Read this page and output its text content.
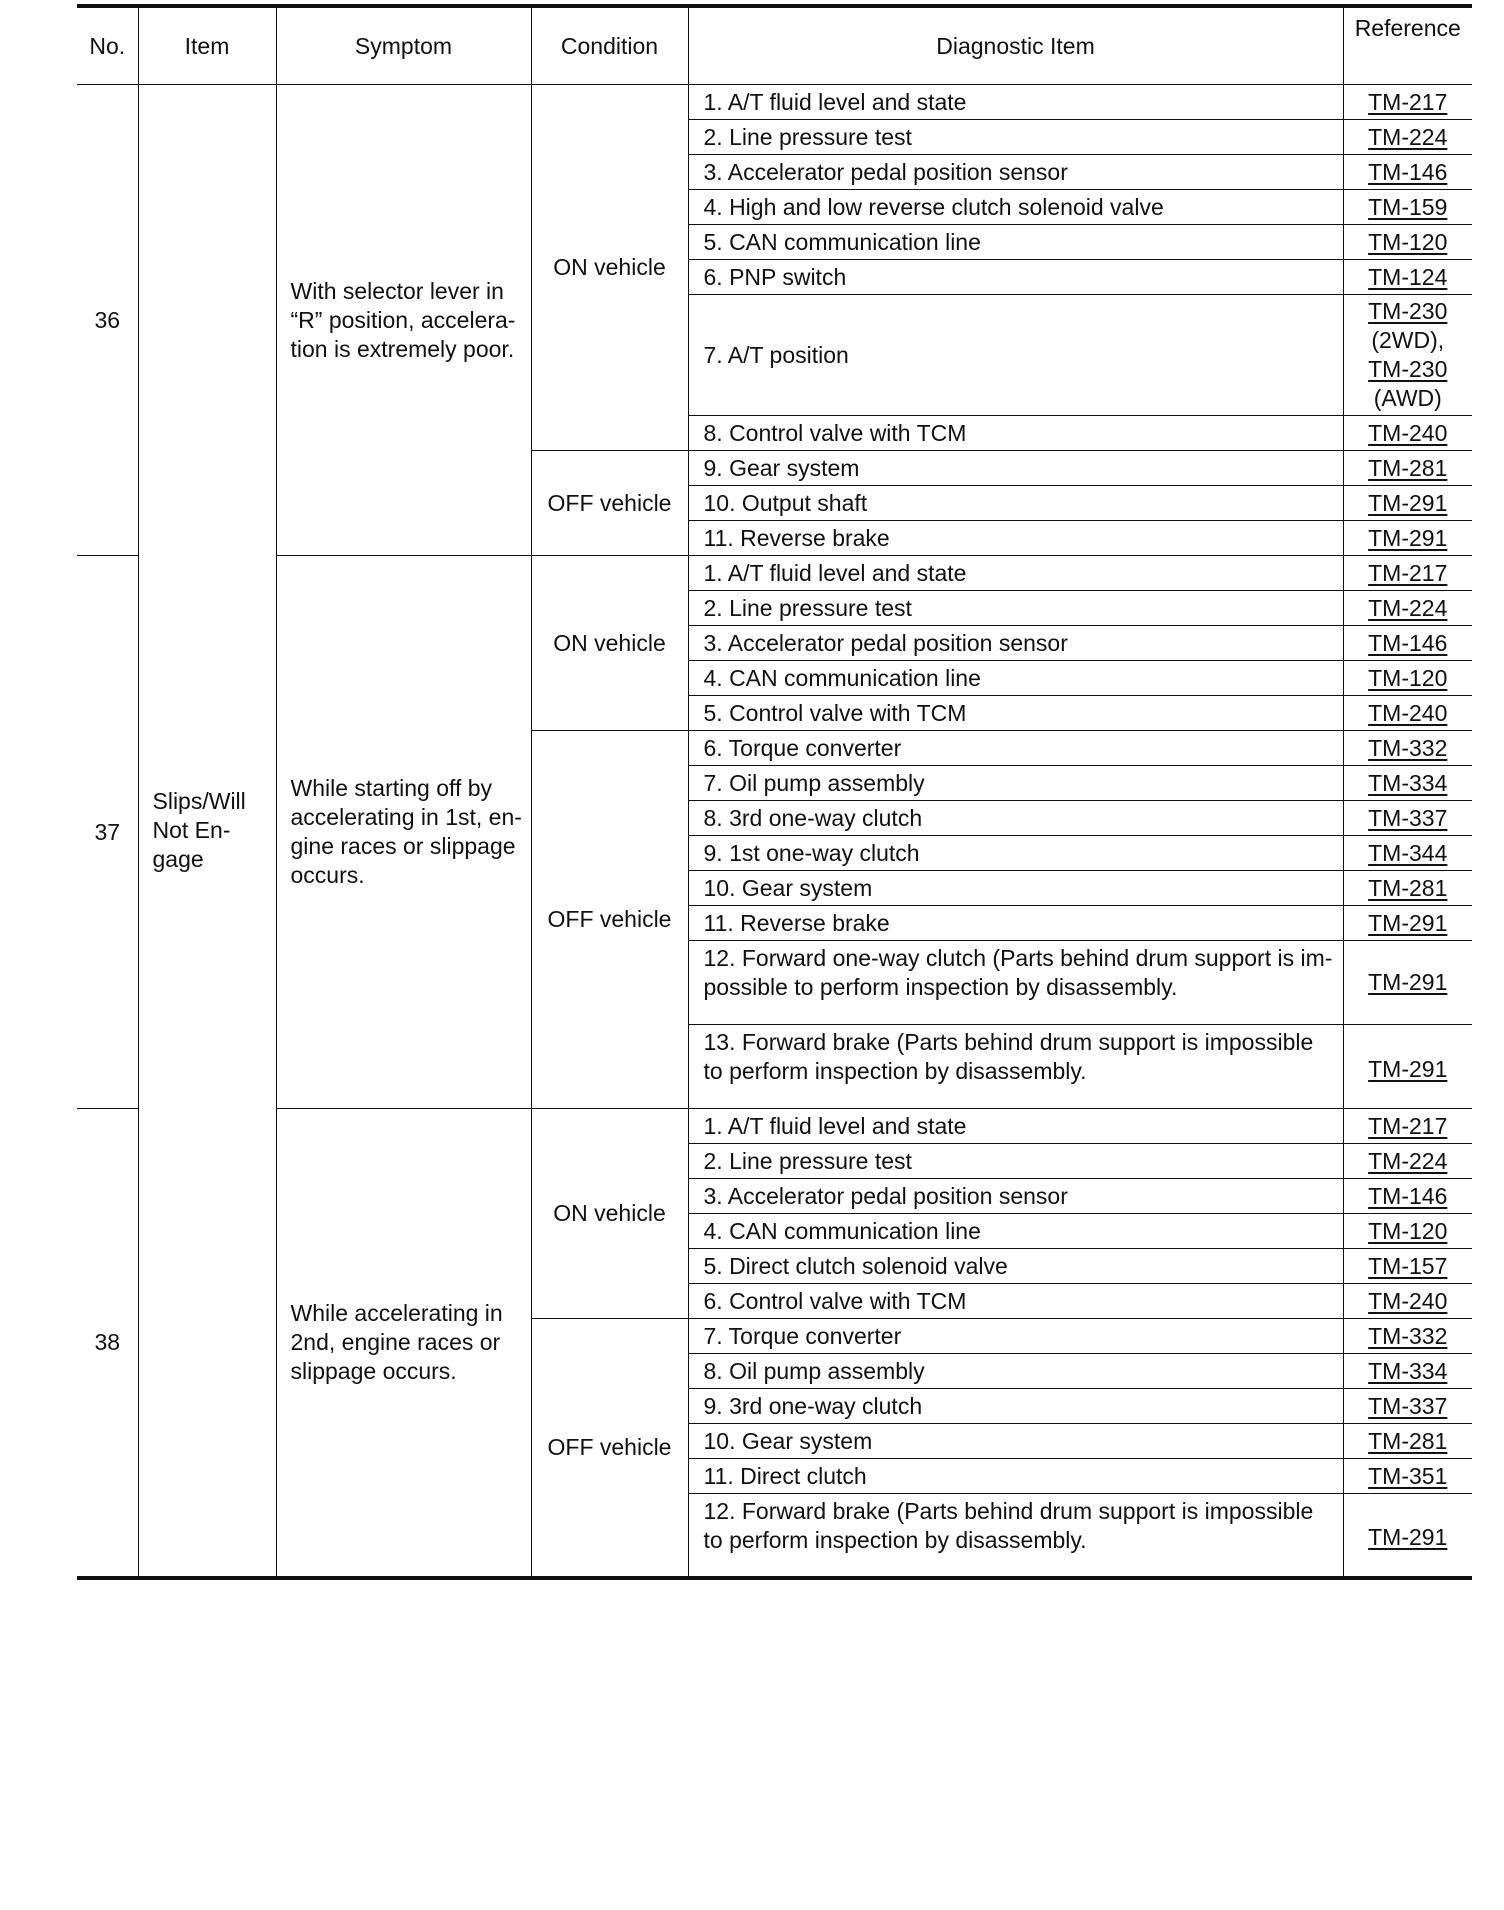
No.	Item	Symptom	Condition	Diagnostic Item	Reference
36	Slips/Will
Not En-
gage	With selector lever in
“R” position, accelera-
tion is extremely poor.	ON vehicle	1. A/T fluid level and state	TM-217

				2. Line pressure test	TM-224

				3. Accelerator pedal position sensor	TM-146

				4. High and low reverse clutch solenoid valve	TM-159

				5. CAN communication line	TM-120

				6. PNP switch	TM-124

				7. A/T position	TM-230
(2WD),
TM-230
(AWD)

				8. Control valve with TCM	TM-240
			OFF vehicle	9. Gear system	TM-281

				10. Output shaft	TM-291

				11. Reverse brake	TM-291
37		While starting off by
accelerating in 1st, en-
gine races or slippage
occurs.	ON vehicle	1. A/T fluid level and state	TM-217

				2. Line pressure test	TM-224

				3. Accelerator pedal position sensor	TM-146

				4. CAN communication line	TM-120

				5. Control valve with TCM	TM-240
			OFF vehicle	6. Torque converter	TM-332

				7. Oil pump assembly	TM-334

				8. 3rd one-way clutch	TM-337

				9. 1st one-way clutch	TM-344

				10. Gear system	TM-281

				11. Reverse brake	TM-291

				12. Forward one-way clutch (Parts behind drum support is im-
possible to perform inspection by disassembly.	TM-291

				13. Forward brake (Parts behind drum support is impossible
to perform inspection by disassembly.	TM-291
38		While accelerating in
2nd, engine races or
slippage occurs.	ON vehicle	1. A/T fluid level and state	TM-217

				2. Line pressure test	TM-224

				3. Accelerator pedal position sensor	TM-146

				4. CAN communication line	TM-120

				5. Direct clutch solenoid valve	TM-157

				6. Control valve with TCM	TM-240
			OFF vehicle	7. Torque converter	TM-332

				8. Oil pump assembly	TM-334

				9. 3rd one-way clutch	TM-337

				10. Gear system	TM-281

				11. Direct clutch	TM-351

				12. Forward brake (Parts behind drum support is impossible
to perform inspection by disassembly.	TM-291
